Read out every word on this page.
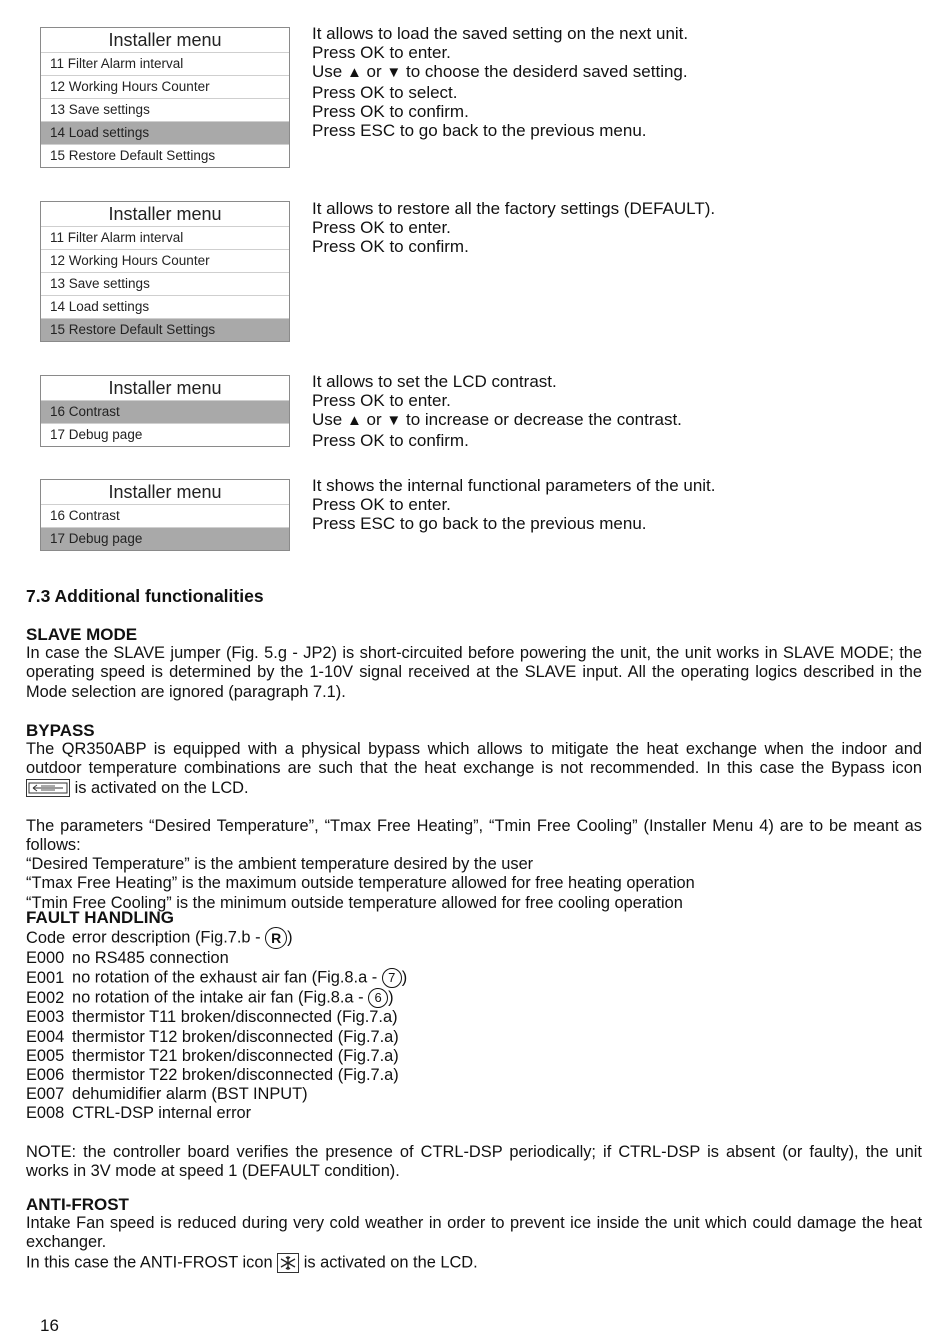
Installer menu
11 Filter Alarm interval
12 Working Hours Counter
13 Save settings
14 Load settings
15 Restore Default Settings
It allows to load the saved setting on the next unit.
Press OK to enter.
Use ▲ or ▼ to choose the desiderd saved setting.
Press OK to select.
Press OK to confirm.
Press ESC to go back to the previous menu.
Installer menu
11 Filter Alarm interval
12 Working Hours Counter
13 Save settings
14 Load settings
15 Restore Default Settings
It allows to restore all the factory settings (DEFAULT).
Press OK to enter.
Press OK to confirm.
Installer menu
16 Contrast
17 Debug page
It allows to set the LCD contrast.
Press OK to enter.
Use ▲ or ▼ to increase or decrease the contrast.
Press OK to confirm.
Installer menu
16 Contrast
17 Debug page
It shows the internal functional parameters of the unit.
Press OK to enter.
Press ESC to go back to the previous menu.
7.3 Additional functionalities
SLAVE MODE
In case the SLAVE jumper (Fig. 5.g - JP2) is short-circuited before powering the unit, the unit works in SLAVE MODE; the operating speed is determined by the 1-10V signal received at the SLAVE input. All the operating logics described in the Mode selection are ignored (paragraph 7.1).
BYPASS
The QR350ABP is equipped with a physical bypass which allows to mitigate the heat exchange when the indoor and outdoor temperature combinations are such that the heat exchange is not recommended. In this case the Bypass icon
is activated on the LCD.
The parameters “Desired Temperature”, “Tmax Free Heating”, “Tmin Free Cooling” (Installer Menu 4) are to be meant as follows:
“Desired Temperature” is the ambient temperature desired by the user
“Tmax Free Heating” is the maximum outside temperature allowed for free heating operation
“Tmin Free Cooling” is the minimum outside temperature allowed for free cooling operation
FAULT HANDLING
Code error description (Fig.7.b - R )
E000 no RS485 connection
E001 no rotation of the exhaust air fan (Fig.8.a - 7 )
E002 no rotation of the intake air fan (Fig.8.a - 6 )
E003 thermistor T11 broken/disconnected (Fig.7.a)
E004 thermistor T12 broken/disconnected (Fig.7.a)
E005 thermistor T21 broken/disconnected (Fig.7.a)
E006 thermistor T22 broken/disconnected (Fig.7.a)
E007 dehumidifier alarm (BST INPUT)
E008 CTRL-DSP internal error
NOTE: the controller board verifies the presence of CTRL-DSP periodically; if CTRL-DSP is absent (or faulty), the unit works in 3V mode at speed 1 (DEFAULT condition).
ANTI-FROST
Intake Fan speed is reduced during very cold weather in order to prevent ice inside the unit which could damage the heat exchanger.
In this case the ANTI-FROST icon is activated on the LCD.
16
